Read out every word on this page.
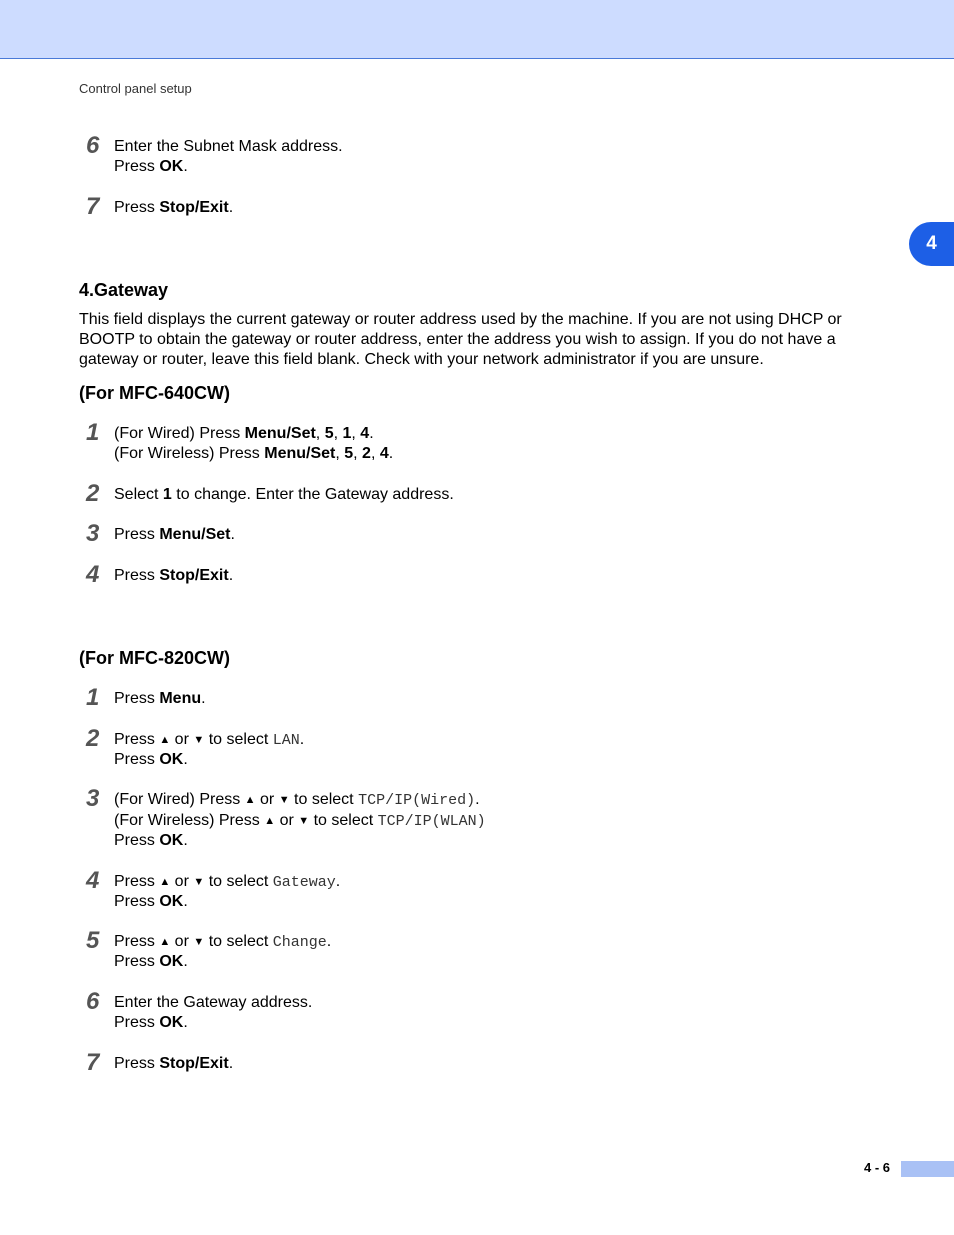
Control panel setup
4
6 Enter the Subnet Mask address.
Press OK.
7 Press Stop/Exit.
4.Gateway
This field displays the current gateway or router address used by the machine. If you are not using DHCP or BOOTP to obtain the gateway or router address, enter the address you wish to assign. If you do not have a gateway or router, leave this field blank. Check with your network administrator if you are unsure.
(For MFC-640CW)
1 (For Wired) Press Menu/Set, 5, 1, 4.
(For Wireless) Press Menu/Set, 5, 2, 4.
2 Select 1 to change. Enter the Gateway address.
3 Press Menu/Set.
4 Press Stop/Exit.
(For MFC-820CW)
1 Press Menu.
2 Press ▲ or ▼ to select LAN.
Press OK.
3 (For Wired) Press ▲ or ▼ to select TCP/IP(Wired).
(For Wireless) Press ▲ or ▼ to select TCP/IP(WLAN)
Press OK.
4 Press ▲ or ▼ to select Gateway.
Press OK.
5 Press ▲ or ▼ to select Change.
Press OK.
6 Enter the Gateway address.
Press OK.
7 Press Stop/Exit.
4 - 6
